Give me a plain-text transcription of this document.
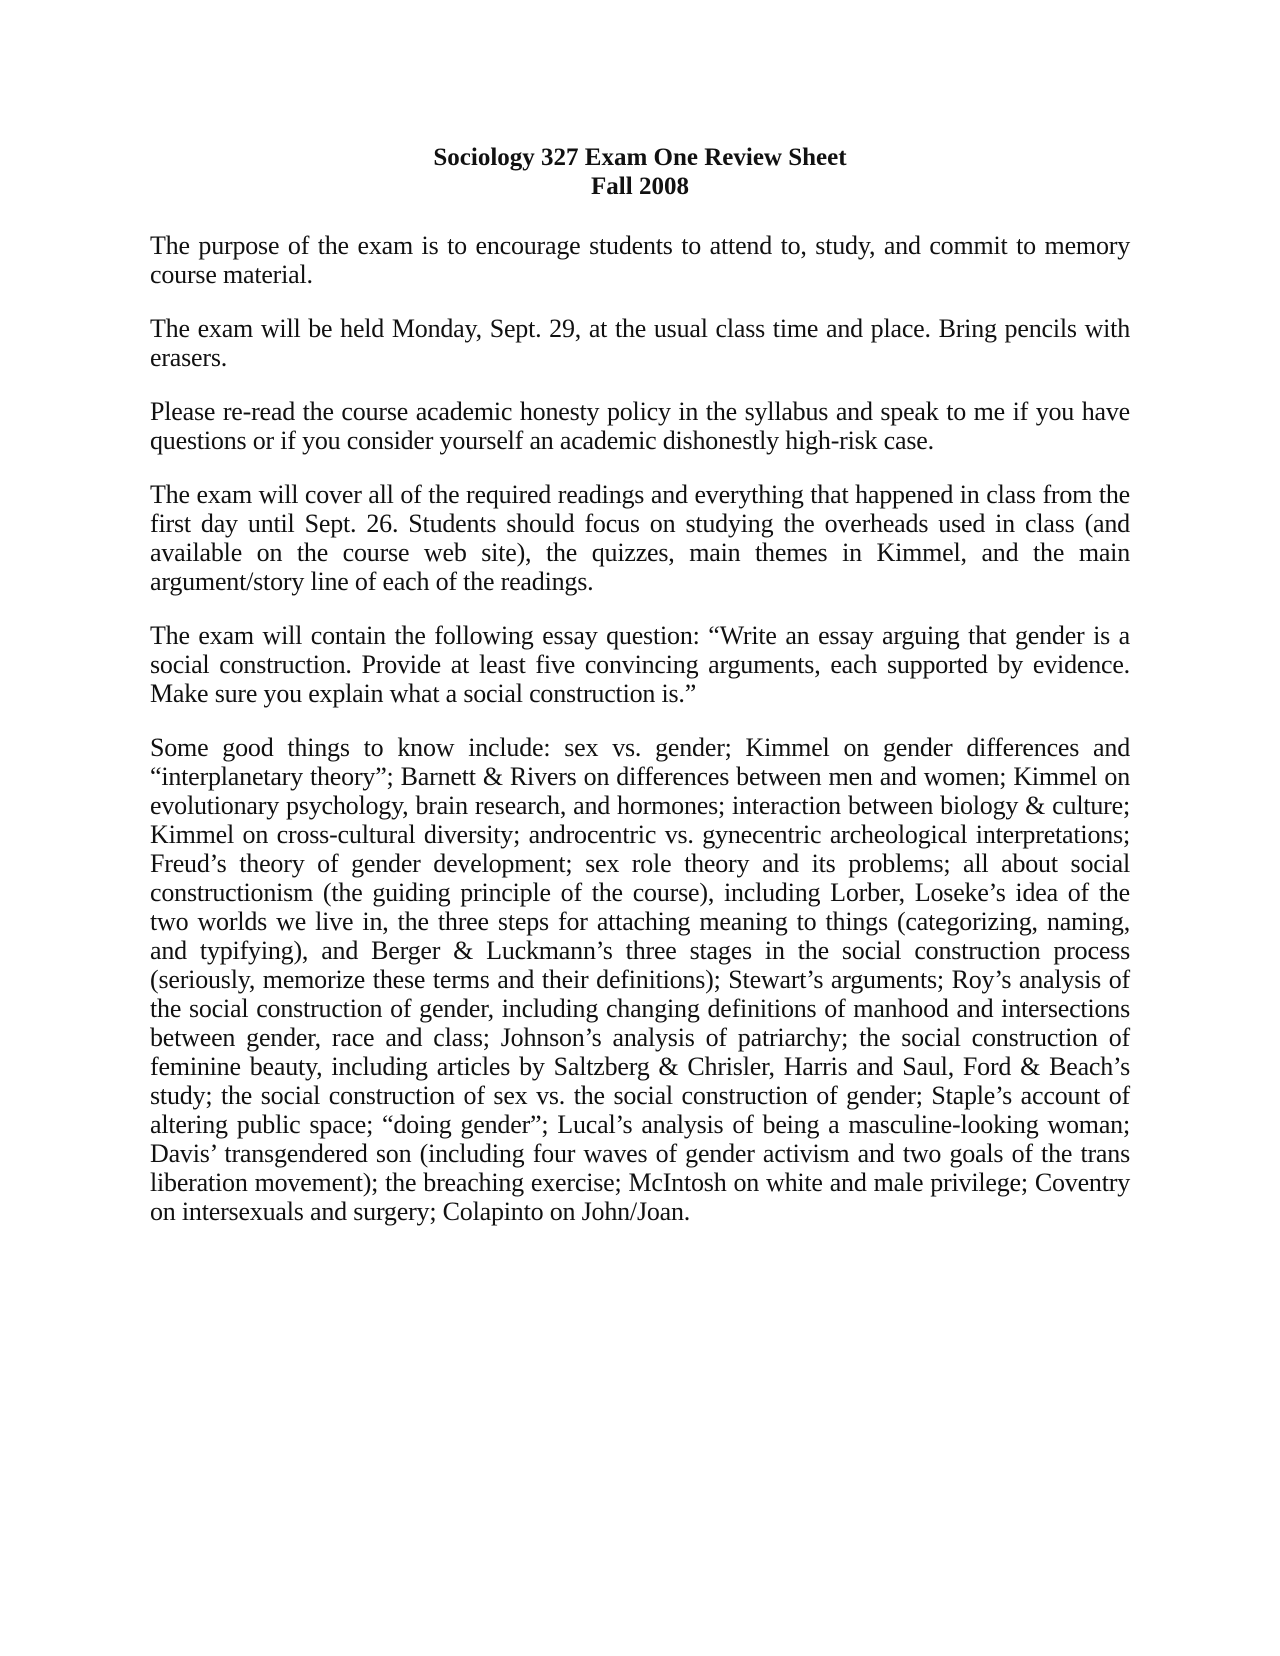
Sociology 327 Exam One Review Sheet
Fall 2008

The purpose of the exam is to encourage students to attend to, study, and commit to memory course material.

The exam will be held Monday, Sept. 29, at the usual class time and place. Bring pencils with erasers.

Please re-read the course academic honesty policy in the syllabus and speak to me if you have questions or if you consider yourself an academic dishonestly high-risk case.

The exam will cover all of the required readings and everything that happened in class from the first day until Sept. 26. Students should focus on studying the overheads used in class (and available on the course web site), the quizzes, main themes in Kimmel, and the main argument/story line of each of the readings.

The exam will contain the following essay question: “Write an essay arguing that gender is a social construction. Provide at least five convincing arguments, each supported by evidence. Make sure you explain what a social construction is.”

Some good things to know include: sex vs. gender; Kimmel on gender differences and “interplanetary theory”; Barnett & Rivers on differences between men and women; Kimmel on evolutionary psychology, brain research, and hormones; interaction between biology & culture; Kimmel on cross-cultural diversity; androcentric vs. gynecentric archeological interpretations; Freud’s theory of gender development; sex role theory and its problems; all about social constructionism (the guiding principle of the course), including Lorber, Loseke’s idea of the two worlds we live in, the three steps for attaching meaning to things (categorizing, naming, and typifying), and Berger & Luckmann’s three stages in the social construction process (seriously, memorize these terms and their definitions); Stewart’s arguments; Roy’s analysis of the social construction of gender, including changing definitions of manhood and intersections between gender, race and class; Johnson’s analysis of patriarchy; the social construction of feminine beauty, including articles by Saltzberg & Chrisler, Harris and Saul, Ford & Beach’s study; the social construction of sex vs. the social construction of gender; Staple’s account of altering public space; “doing gender”; Lucal’s analysis of being a masculine-looking woman; Davis’ transgendered son (including four waves of gender activism and two goals of the trans liberation movement); the breaching exercise; McIntosh on white and male privilege; Coventry on intersexuals and surgery; Colapinto on John/Joan.
